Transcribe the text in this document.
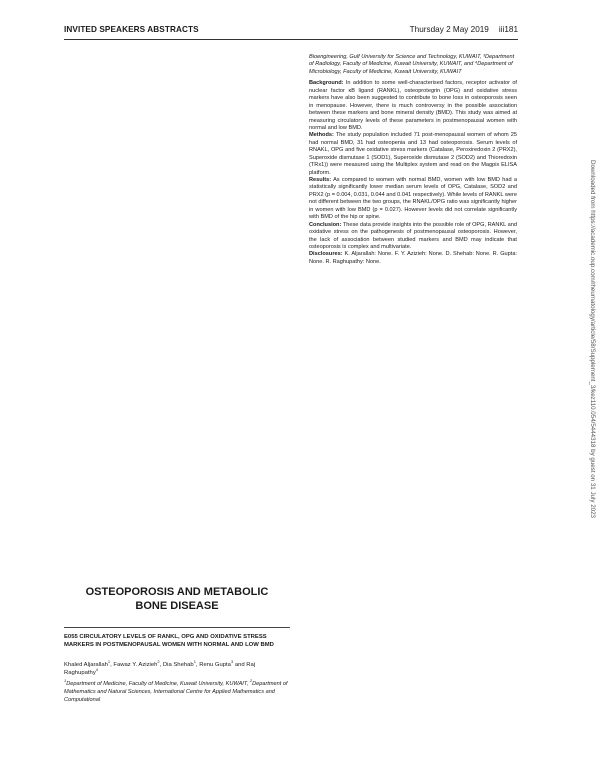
INVITED SPEAKERS ABSTRACTS	Thursday 2 May 2019 iii181

Bioengineering, Gulf University for Science and Technology, KUWAIT, ³Department of Radiology, Faculty of Medicine, Kuwait University, KUWAIT, and ⁴Department of Microbiology, Faculty of Medicine, Kuwait University, KUWAIT

Background: In addition to some well-characterised factors, receptor activator of nuclear factor κB ligand (RANKL), osteoprotegrin (OPG) and oxidative stress markers have also been suggested to contribute to bone loss in osteoporosis seen in menopause. However, there is much controversy in the possible association between these markers and bone mineral density (BMD). This study was aimed at measuring circulatory levels of these parameters in postmenopausal women with normal and low BMD.

Methods: The study population included 71 post-menopausal women of whom 25 had normal BMD, 31 had osteopenia and 13 had osteoporosis. Serum levels of RNAKL, OPG and five oxidative stress markers (Catalase, Peroxiredoxin 2 (PRX2), Superoxide dismutase 1 (SOD1), Superoxide dismutase 2 (SOD2) and Thioredoxin (TRx1)) were measured using the Multiplex system and read on the Magpix ELISA platform.

Results: As compared to women with normal BMD, women with low BMD had a statistically significantly lower median serum levels of OPG, Catalase, SOD2 and PRX2 (p = 0.004, 0.031, 0.044 and 0.041 respectively). While levels of RANKL were not different between the two groups, the RNAKL/OPG ratio was significantly higher in women with low BMD (p = 0.027). However levels did not correlate significantly with BMD of the hip or spine.

Conclusion: These data provide insights into the possible role of OPG, RANKL and oxidative stress on the pathogenesis of postmenopausal osteoporosis. However, the lack of association between studied markers and BMD may indicate that osteoporosis is complex and multivariate.

Disclosures: K. Aljarallah: None. F. Y. Azizieh: None. D. Shehab: None. R. Gupta: None. R. Raghupathy: None.	Downloaded from https://academic.oup.com/rheumatology/article/58/Supplement_3/kez110.054/5444318 by guest on 31 July 2023
OSTEOPOROSIS AND METABOLIC
BONE DISEASE
E055 CIRCULATORY LEVELS OF RANKL, OPG AND OXIDATIVE STRESS MARKERS IN POSTMENOPAUSAL WOMEN WITH NORMAL AND LOW BMD
Khaled Aljarallah$^1$, Fawaz Y. Azizieh$^2$, Dia Shehab$^1$, Renu Gupta$^3$ and Raj Raghupathy$^4$
$^1$Department of Medicine, Faculty of Medicine, Kuwait University, KUWAIT, $^2$Department of Mathematics and Natural Sciences, International Centre for Applied Mathematics and Computational
